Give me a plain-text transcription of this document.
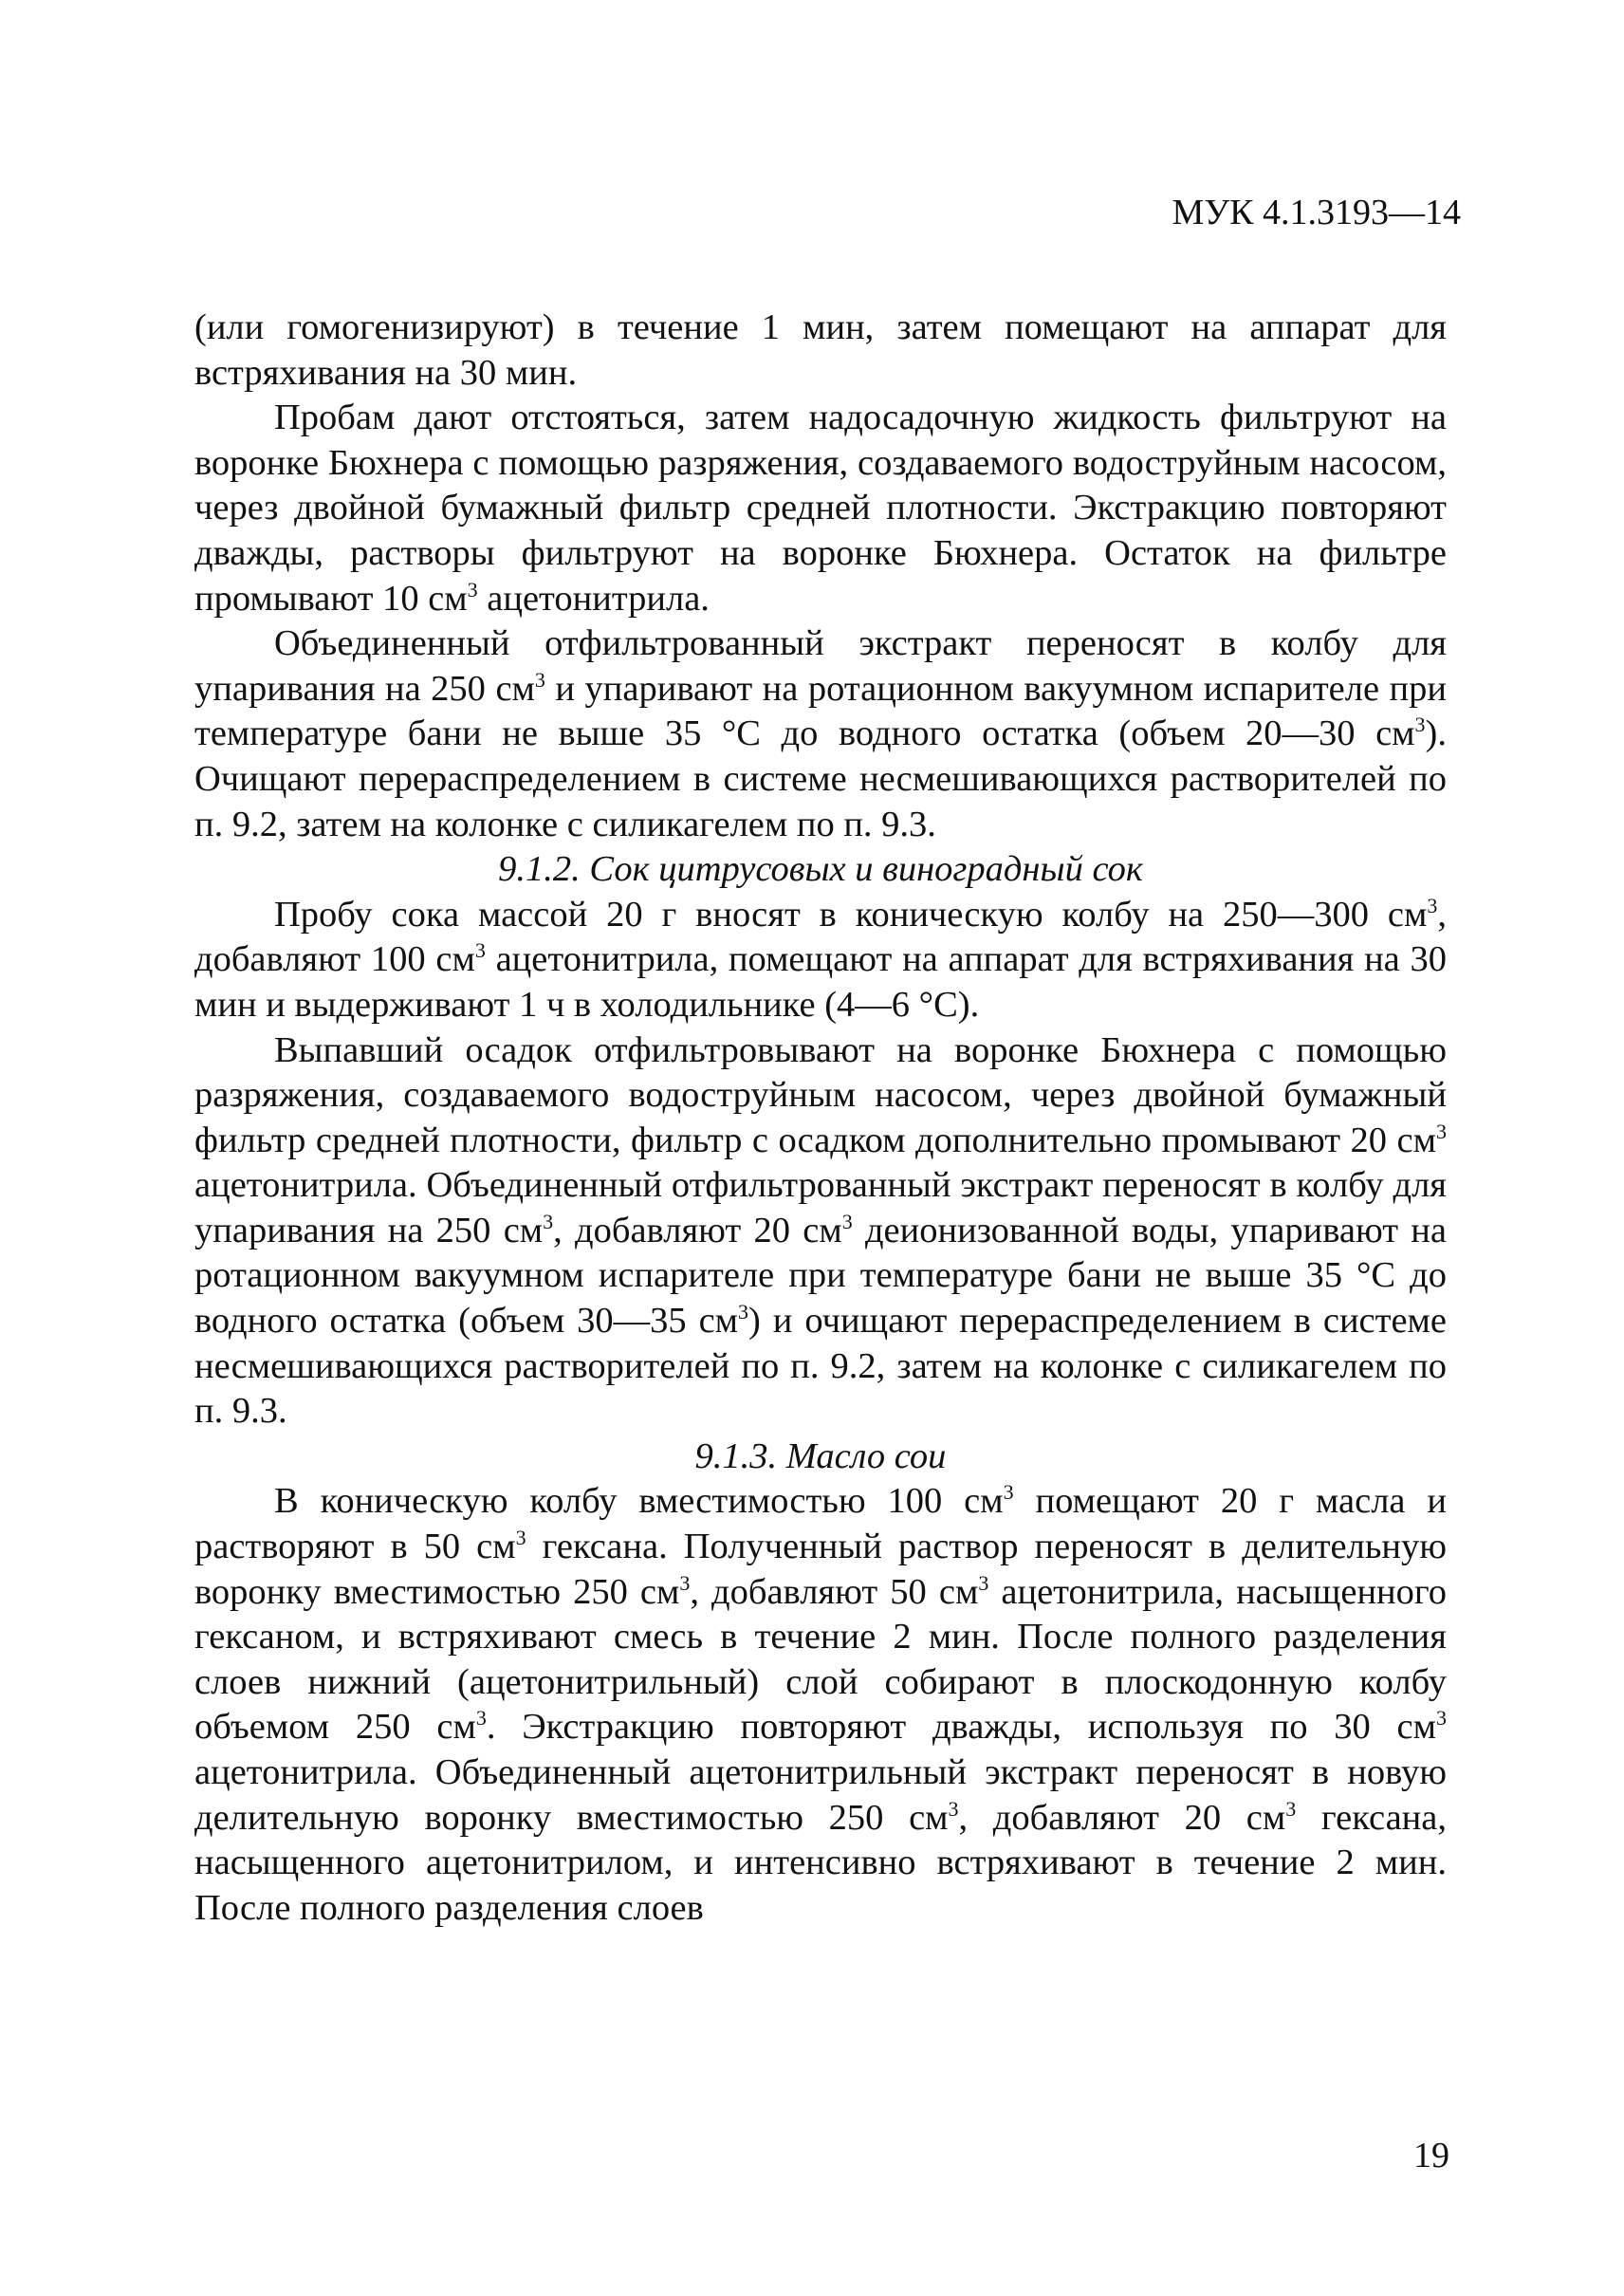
МУК 4.1.3193—14

(или гомогенизируют) в течение 1 мин, затем помещают на аппарат для встряхивания на 30 мин.

Пробам дают отстояться, затем надосадочную жидкость фильтруют на воронке Бюхнера с помощью разряжения, создаваемого водоструйным насосом, через двойной бумажный фильтр средней плотности. Экстракцию повторяют дважды, растворы фильтруют на воронке Бюхнера. Остаток на фильтре промывают 10 $см^3$ ацетонитрила.

Объединенный отфильтрованный экстракт переносят в колбу для упаривания на 250 $см^3$ и упаривают на ротационном вакуумном испарителе при температуре бани не выше 35 °С до водного остатка (объем 20—30 $см^3$). Очищают перераспределением в системе несмешивающихся растворителей по п. 9.2, затем на колонке с силикагелем по п. 9.3.

9.1.2. Сок цитрусовых и виноградный сок

Пробу сока массой 20 г вносят в коническую колбу на 250—300 $см^3$, добавляют 100 $см^3$ ацетонитрила, помещают на аппарат для встряхивания на 30 мин и выдерживают 1 ч в холодильнике (4—6 °С).

Выпавший осадок отфильтровывают на воронке Бюхнера с помощью разряжения, создаваемого водоструйным насосом, через двойной бумажный фильтр средней плотности, фильтр с осадком дополнительно промывают 20 $см^3$ ацетонитрила. Объединенный отфильтрованный экстракт переносят в колбу для упаривания на 250 $см^3$, добавляют 20 $см^3$ деионизованной воды, упаривают на ротационном вакуумном испарителе при температуре бани не выше 35 °С до водного остатка (объем 30—35 $см^3$) и очищают перераспределением в системе несмешивающихся растворителей по п. 9.2, затем на колонке с силикагелем по п. 9.3.

9.1.3. Масло сои

В коническую колбу вместимостью 100 $см^3$ помещают 20 г масла и растворяют в 50 $см^3$ гексана. Полученный раствор переносят в делительную воронку вместимостью 250 $см^3$, добавляют 50 $см^3$ ацетонитрила, насыщенного гексаном, и встряхивают смесь в течение 2 мин. После полного разделения слоев нижний (ацетонитрильный) слой собирают в плоскодонную колбу объемом 250 $см^3$. Экстракцию повторяют дважды, используя по 30 $см^3$ ацетонитрила. Объединенный ацетонитрильный экстракт переносят в новую делительную воронку вместимостью 250 $см^3$, добавляют 20 $см^3$ гексана, насыщенного ацетонитрилом, и интенсивно встряхивают в течение 2 мин. После полного разделения слоев

19
